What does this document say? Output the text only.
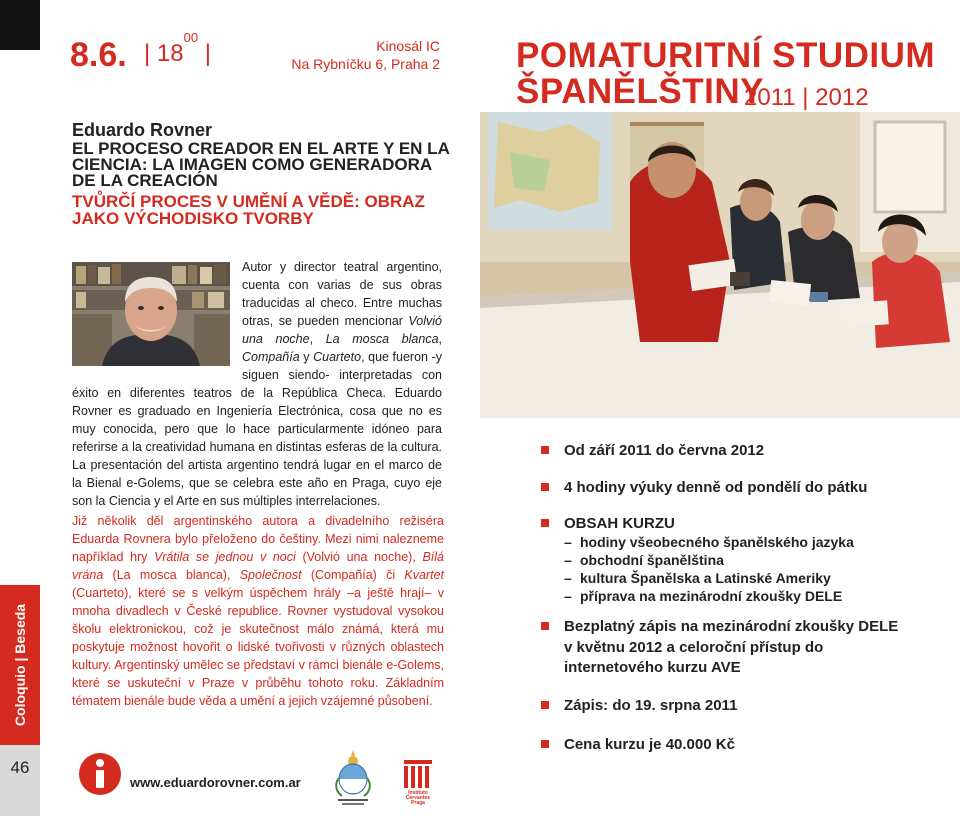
Coloquio | Beseda
46
8.6. | $18^{00}$ |	Kinosál IC
Na Rybníčku 6, Praha 2 POMATURITNÍ STUDIUM
ŠPANĚLŠTINY
2011 | 2012
Eduardo Rovner
EL PROCESO CREADOR EN EL ARTE Y EN LA CIENCIA: LA IMAGEN COMO GENERADORA DE LA CREACIÓN
TVŮRČÍ PROCES V UMĚNÍ A VĚDĚ: OBRAZ JAKO VÝCHODISKO TVORBY
Autor y director teatral argentino, cuenta con varias de sus obras traducidas al checo. Entre muchas otras, se pueden mencionar Volvió una noche, La mosca blanca, Compañía y Cuarteto, que fueron -y siguen siendo- interpretadas con éxito en diferentes teatros de la República Checa. Eduardo Rovner es graduado en Ingeniería Electrónica, cosa que no es muy conocida, pero que lo hace particularmente idóneo para referirse a la creatividad humana en distintas esferas de la cultura. La presentación del artista argentino tendrá lugar en el marco de la Bienal e-Golems, que se celebra este año en Praga, cuyo eje son la Ciencia y el Arte en sus múltiples interrelaciones.
Již několik děl argentinského autora a divadelního režiséra Eduarda Rovnera bylo přeloženo do češtiny. Mezi nimi nalezneme například hry Vrátila se jednou v noci (Volvió una noche), Bílá vrána (La mosca blanca), Společnost (Compañía) či Kvartet (Cuarteto), které se s velkým úspěchem hrály –a ještě hrají– v mnoha divadlech v České republice. Rovner vystudoval vysokou školu elektronickou, což je skutečnost málo známá, která mu poskytuje možnost hovořit o lidské tvořivosti v různých oblastech kultury. Argentinský umělec se představí v rámci bienále e-Golems, které se uskuteční v Praze v průběhu tohoto roku. Základním tématem bienále bude věda a umění a jejich vzájemné působení.
www.eduardorovner.com.ar
Instituto
Cervantes
Praga
Od září 2011 do června 2012
4 hodiny výuky denně od pondělí do pátku
OBSAH KURZU
– hodiny všeobecného španělského jazyka
– obchodní španělština
– kultura Španělska a Latinské Ameriky
– příprava na mezinárodní zkoušky DELE
Bezplatný zápis na mezinárodní zkoušky DELE
v květnu 2012 a celoroční přístup do
internetového kurzu AVE
Zápis: do 19. srpna 2011
Cena kurzu je 40.000 Kč
